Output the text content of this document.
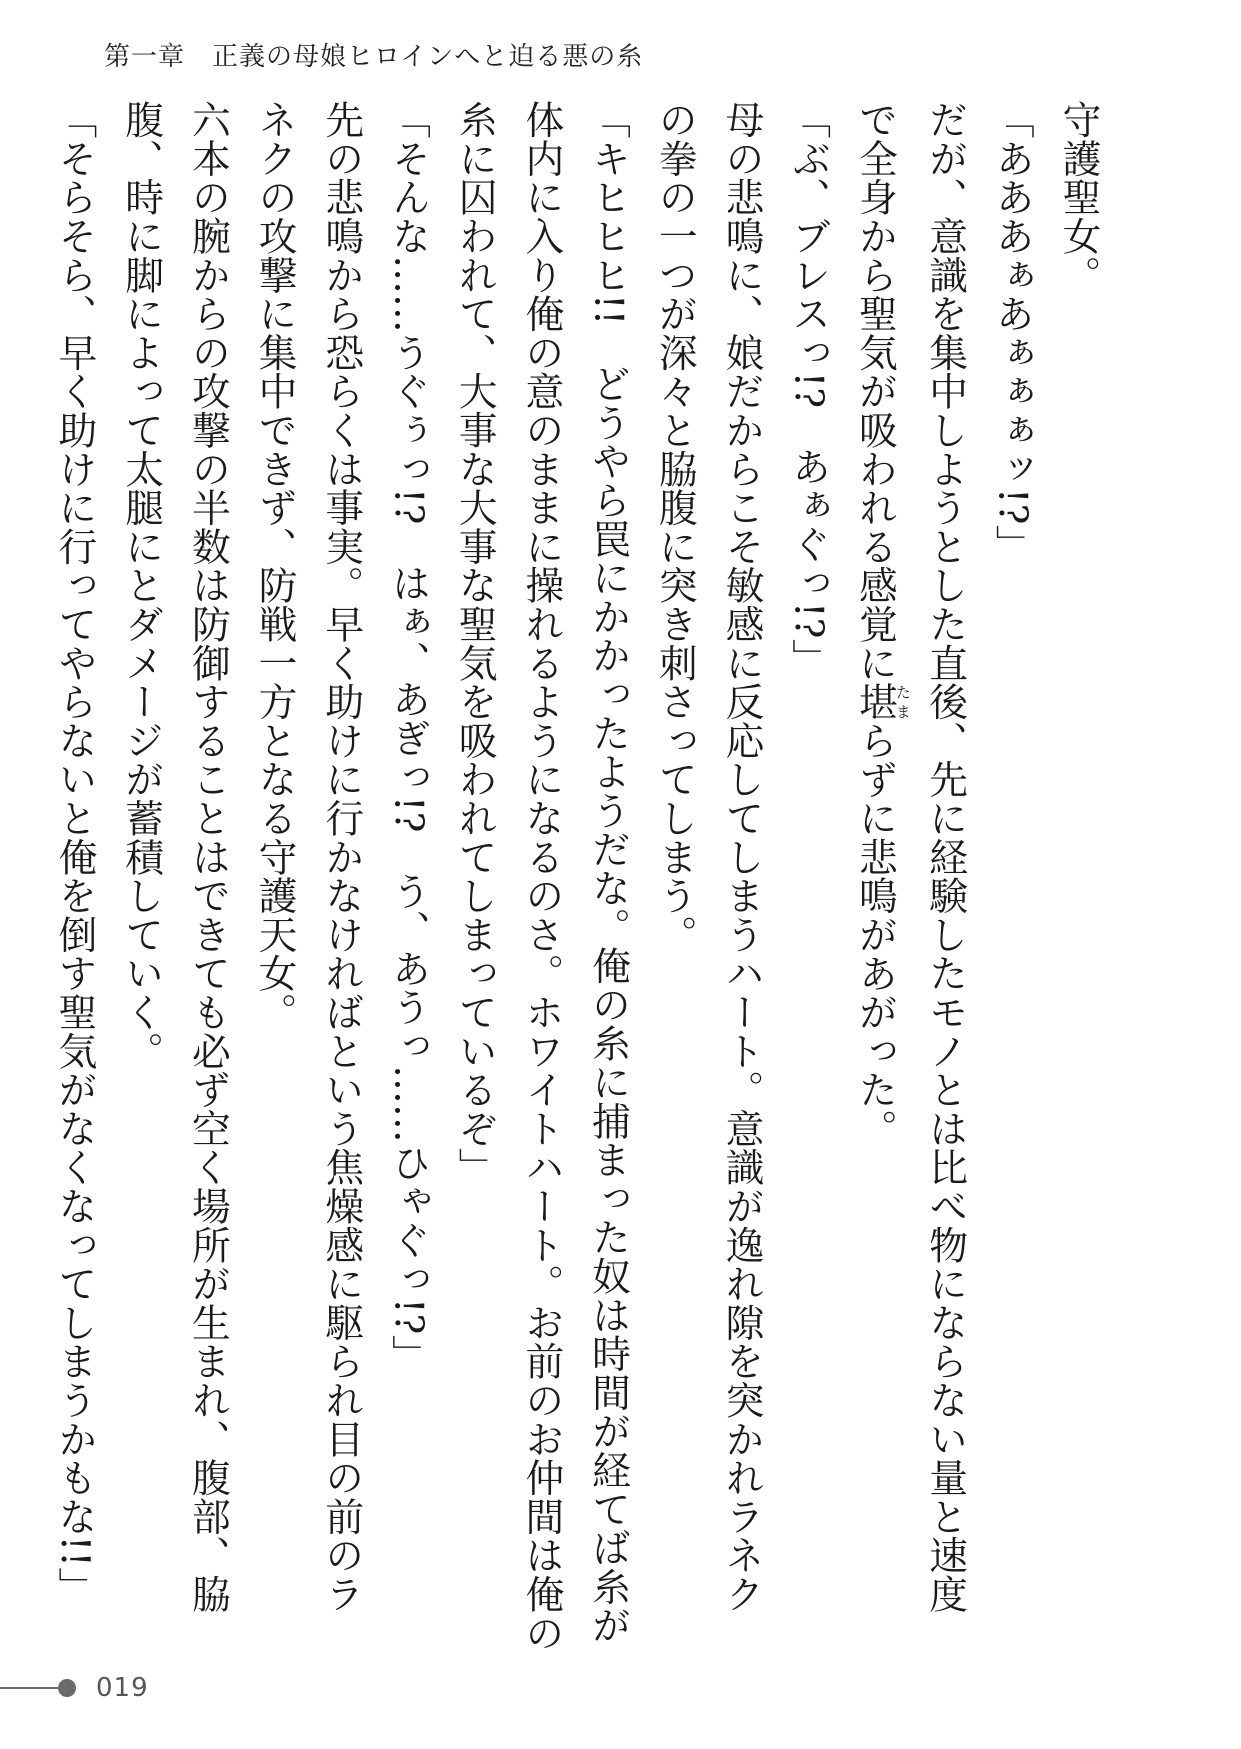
第一章　正義の母娘ヒロインへと迫る悪の糸
守護聖女。
「あああぁあぁぁぁッ!?」
だが、意識を集中しようとした直後、先に経験したモノとは比べ物にならない量と速度
で全身から聖気が吸われる感覚に堪たまらずに悲鳴があがった。
「ぶ、ブレスっ!?　あぁぐっ!?」
母の悲鳴に、娘だからこそ敏感に反応してしまうハート。意識が逸れ隙を突かれラネク
の拳の一つが深々と脇腹に突き刺さってしまう。
「キヒヒヒ!!　どうやら罠にかかったようだな。俺の糸に捕まった奴は時間が経てば糸が
体内に入り俺の意のままに操れるようになるのさ。ホワイトハート。お前のお仲間は俺の
糸に囚われて、大事な大事な聖気を吸われてしまっているぞ」
「そんな……うぐぅっ!?　はぁ、あぎっ!?　う、あうっ……ひゃぐっ!?」
先の悲鳴から恐らくは事実。早く助けに行かなければという焦燥感に駆られ目の前のラ
ネクの攻撃に集中できず、防戦一方となる守護天女。
六本の腕からの攻撃の半数は防御することはできても必ず空く場所が生まれ、腹部、脇
腹、時に脚によって太腿にとダメージが蓄積していく。
「そらそら、早く助けに行ってやらないと俺を倒す聖気がなくなってしまうかもな!!」
019
